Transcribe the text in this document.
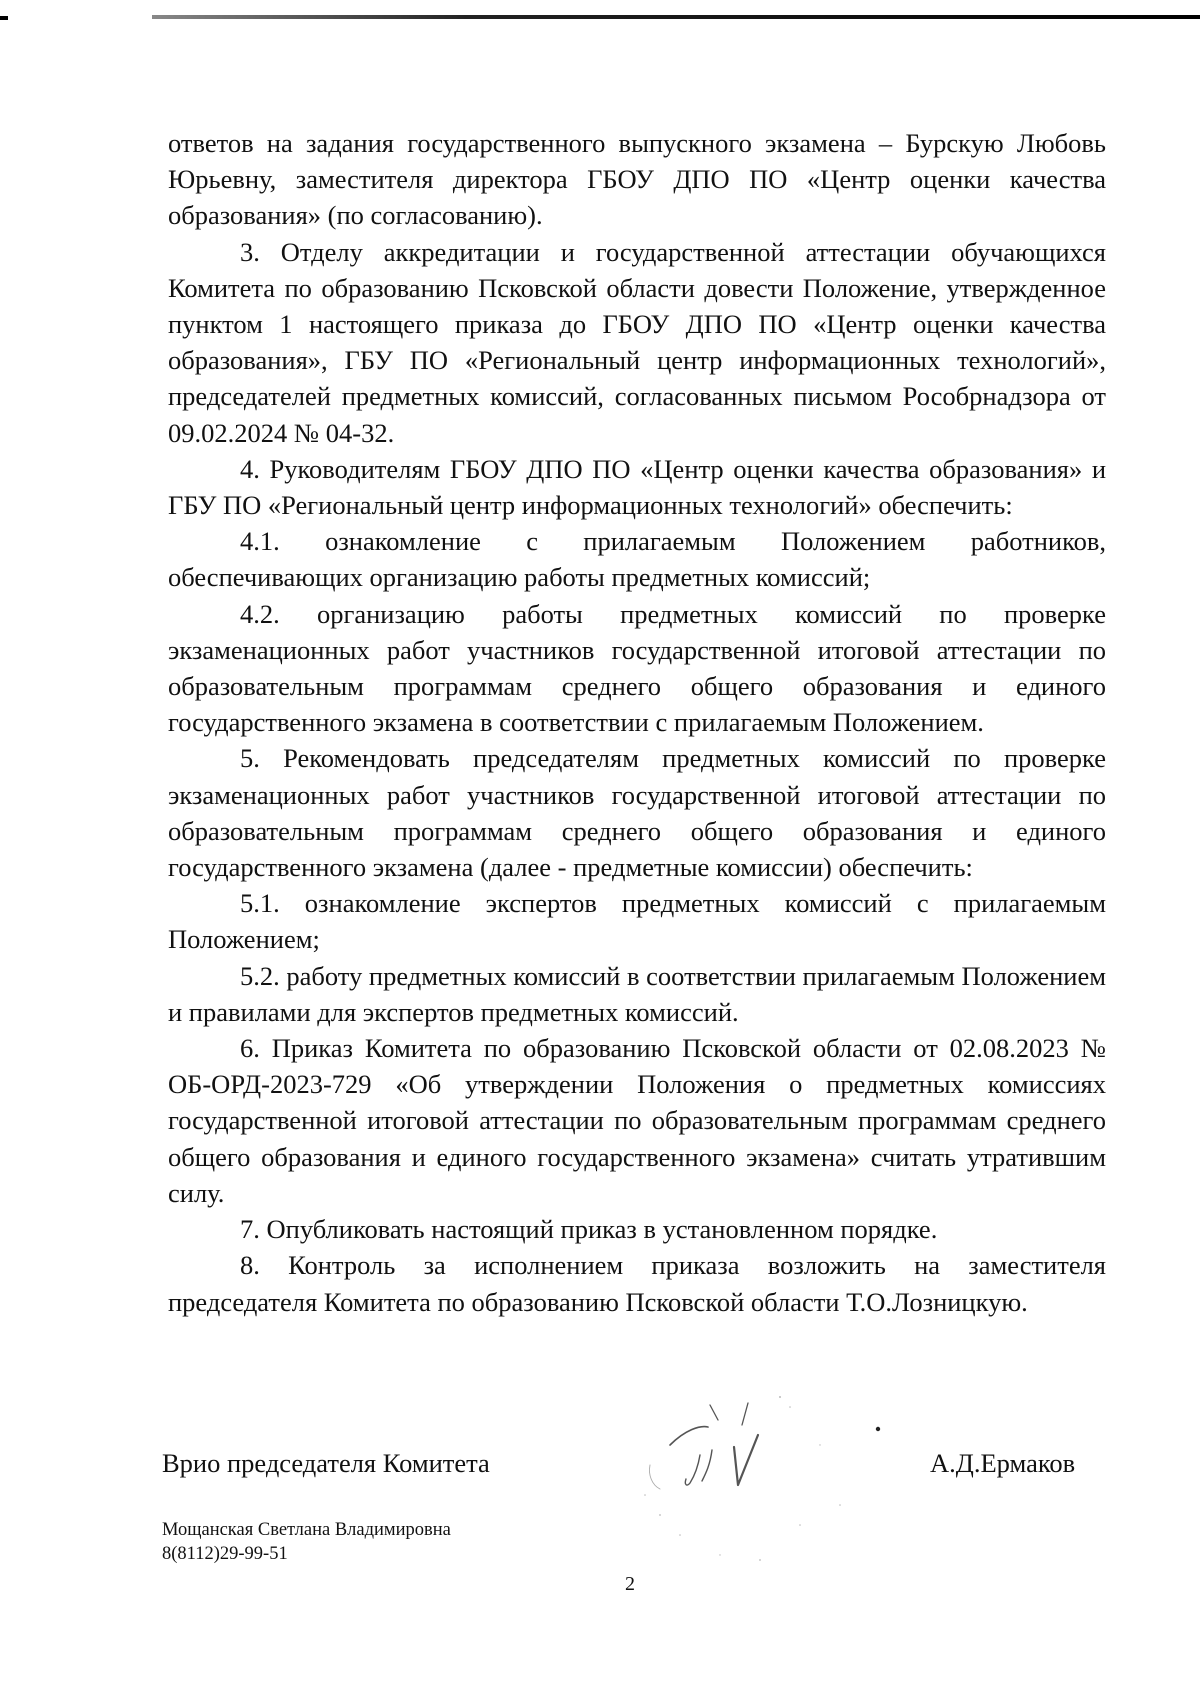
ответов на задания государственного выпускного экзамена – Бурскую Любовь Юрьевну, заместителя директора ГБОУ ДПО ПО «Центр оценки качества образования» (по согласованию).

3. Отделу аккредитации и государственной аттестации обучающихся Комитета по образованию Псковской области довести Положение, утвержденное пунктом 1 настоящего приказа до ГБОУ ДПО ПО «Центр оценки качества образования», ГБУ ПО «Региональный центр информационных технологий», председателей предметных комиссий, согласованных письмом Рособрнадзора от 09.02.2024 № 04-32.

4. Руководителям ГБОУ ДПО ПО «Центр оценки качества образования» и ГБУ ПО «Региональный центр информационных технологий» обеспечить:

4.1. ознакомление с прилагаемым Положением работников, обеспечивающих организацию работы предметных комиссий;

4.2. организацию работы предметных комиссий по проверке экзаменационных работ участников государственной итоговой аттестации по образовательным программам среднего общего образования и единого государственного экзамена в соответствии с прилагаемым Положением.

5. Рекомендовать председателям предметных комиссий по проверке экзаменационных работ участников государственной итоговой аттестации по образовательным программам среднего общего образования и единого государственного экзамена (далее - предметные комиссии) обеспечить:

5.1. ознакомление экспертов предметных комиссий с прилагаемым Положением;

5.2. работу предметных комиссий в соответствии прилагаемым Положением и правилами для экспертов предметных комиссий.

6. Приказ Комитета по образованию Псковской области от 02.08.2023 № ОБ-ОРД-2023-729 «Об утверждении Положения о предметных комиссиях государственной итоговой аттестации по образовательным программам среднего общего образования и единого государственного экзамена» считать утратившим силу.

7. Опубликовать настоящий приказ в установленном порядке.

8. Контроль за исполнением приказа возложить на заместителя председателя Комитета по образованию Псковской области Т.О.Лозницкую.

Врио председателя Комитета	А.Д.Ермаков
Мощанская Светлана Владимировна
8(8112)29-99-51
2
